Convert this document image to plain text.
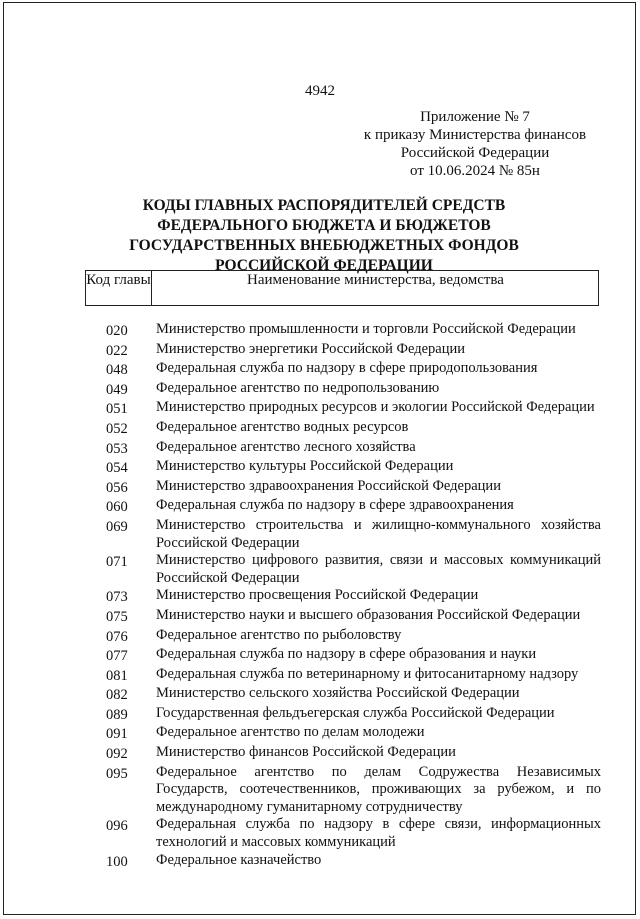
4942
Приложение № 7
к приказу Министерства финансов
Российской Федерации
от 10.06.2024 № 85н
КОДЫ ГЛАВНЫХ РАСПОРЯДИТЕЛЕЙ СРЕДСТВ ФЕДЕРАЛЬНОГО БЮДЖЕТА И БЮДЖЕТОВ ГОСУДАРСТВЕННЫХ ВНЕБЮДЖЕТНЫХ ФОНДОВ РОССИЙСКОЙ ФЕДЕРАЦИИ
Код главы	Наименование министерства, ведомства
020	Министерство промышленности и торговли Российской Федерации
022	Министерство энергетики Российской Федерации
048	Федеральная служба по надзору в сфере природопользования
049	Федеральное агентство по недропользованию
051	Министерство природных ресурсов и экологии Российской Федерации
052	Федеральное агентство водных ресурсов
053	Федеральное агентство лесного хозяйства
054	Министерство культуры Российской Федерации
056	Министерство здравоохранения Российской Федерации
060	Федеральная служба по надзору в сфере здравоохранения
069	Министерство строительства и жилищно-коммунального хозяйства Российской Федерации
071	Министерство цифрового развития, связи и массовых коммуникаций Российской Федерации
073	Министерство просвещения Российской Федерации
075	Министерство науки и высшего образования Российской Федерации
076	Федеральное агентство по рыболовству
077	Федеральная служба по надзору в сфере образования и науки
081	Федеральная служба по ветеринарному и фитосанитарному надзору
082	Министерство сельского хозяйства Российской Федерации
089	Государственная фельдъегерская служба Российской Федерации
091	Федеральное агентство по делам молодежи
092	Министерство финансов Российской Федерации
095	Федеральное агентство по делам Содружества Независимых Государств, соотечественников, проживающих за рубежом, и по международному гуманитарному сотрудничеству
096	Федеральная служба по надзору в сфере связи, информационных технологий и массовых коммуникаций
100	Федеральное казначейство
